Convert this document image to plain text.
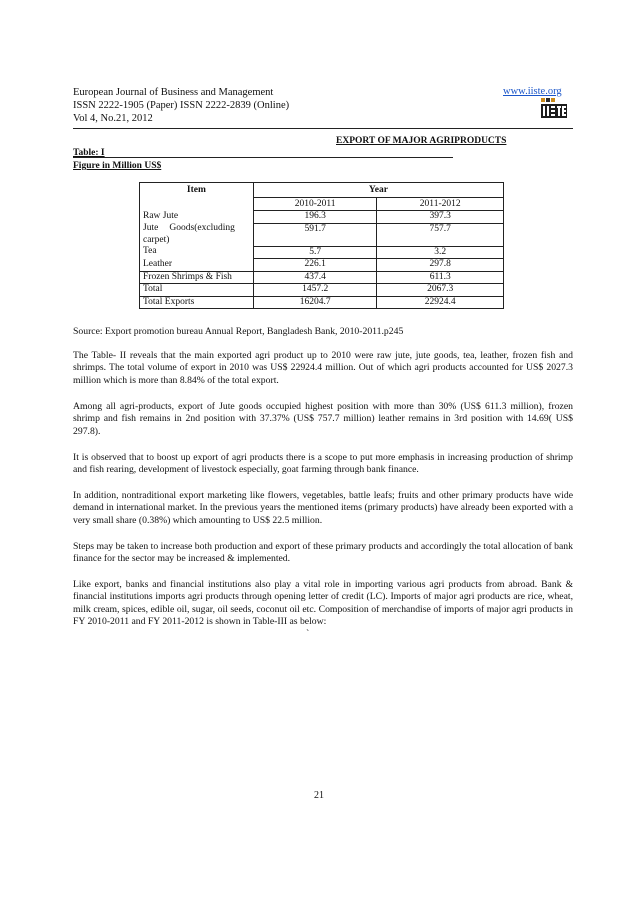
European Journal of Business and Management
ISSN 2222-1905 (Paper) ISSN 2222-2839 (Online)
Vol 4, No.21, 2012
www.iiste.org
EXPORT OF MAJOR AGRIPRODUCTS
Table: I
Figure in Million US$
Item	Year	
	2010-2011	2011-2012
Raw Jute	196.3	397.3
Jute Goods(excluding carpet)	591.7	757.7
Tea	5.7	3.2
Leather	226.1	297.8
Frozen Shrimps & Fish	437.4	611.3
Total	1457.2	2067.3
Total Exports	16204.7	22924.4
Source: Export promotion bureau Annual Report, Bangladesh Bank, 2010-2011.p245
The Table- II reveals that the main exported agri product up to 2010 were raw jute, jute goods, tea, leather, frozen fish and shrimps. The total volume of export in 2010 was US$ 22924.4 million. Out of which agri products accounted for US$ 2027.3 million which is more than 8.84% of the total export.
Among all agri-products, export of Jute goods occupied highest position with more than 30% (US$ 611.3 million), frozen shrimp and fish remains in 2nd position with 37.37% (US$ 757.7 million) leather remains in 3rd position with 14.69( US$ 297.8).
It is observed that to boost up export of agri products there is a scope to put more emphasis in increasing production of shrimp and fish rearing, development of livestock especially, goat farming through bank finance.
In addition, nontraditional export marketing like flowers, vegetables, battle leafs; fruits and other primary products have wide demand in international market. In the previous years the mentioned items (primary products) have already been exported with a very small share (0.38%) which amounting to US$ 22.5 million.
Steps may be taken to increase both production and export of these primary products and accordingly the total allocation of bank finance for the sector may be increased & implemented.
Like export, banks and financial institutions also play a vital role in importing various agri products from abroad. Bank & financial institutions imports agri products through opening letter of credit (LC). Imports of major agri products are rice, wheat, milk cream, spices, edible oil, sugar, oil seeds, coconut oil etc. Composition of merchandise of imports of major agri products in FY 2010-2011 and FY 2011-2012 is shown in Table-III as below:
`
21
